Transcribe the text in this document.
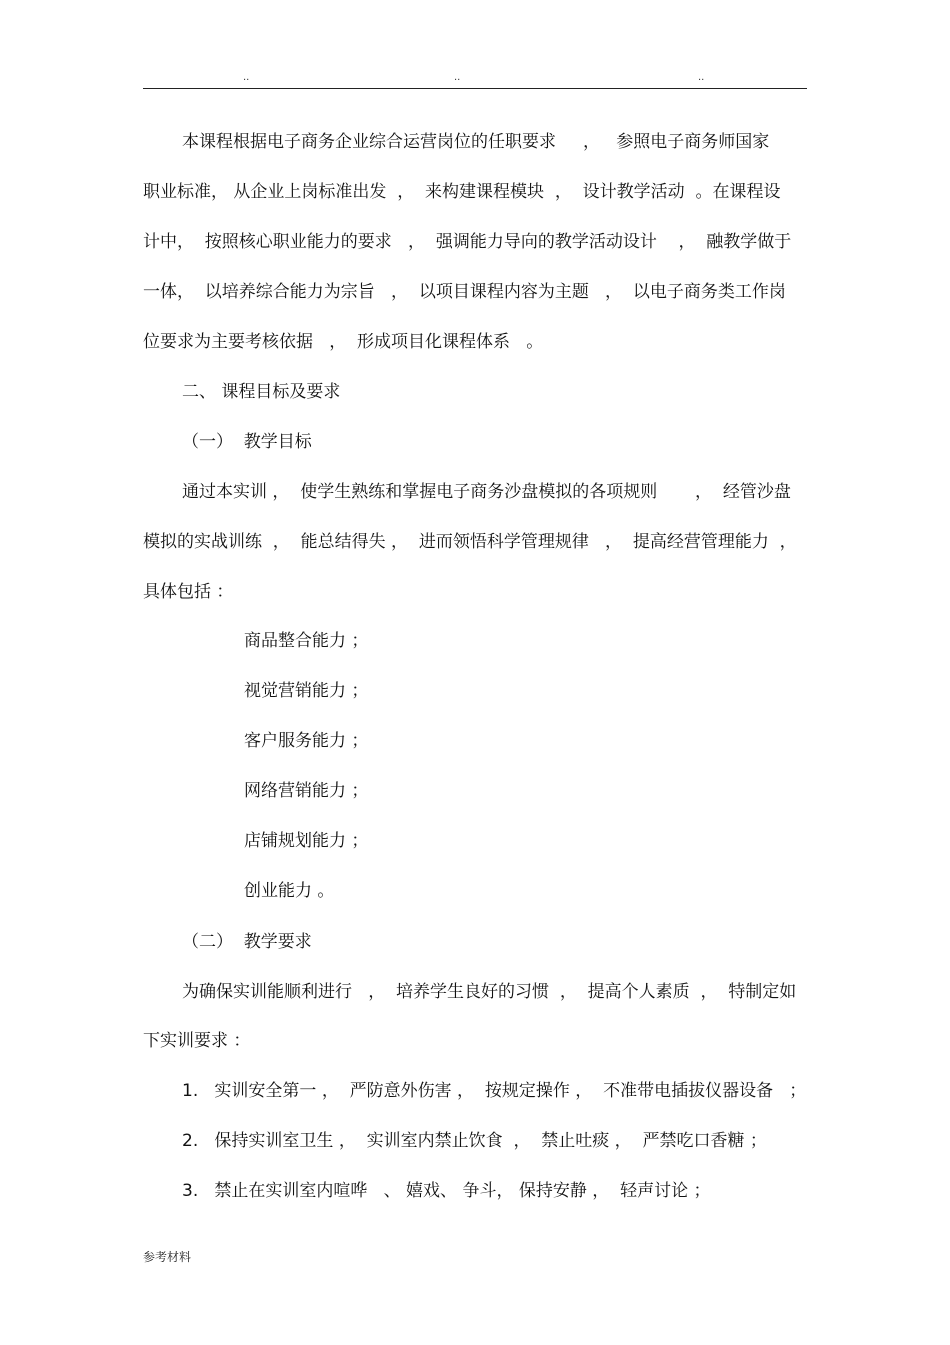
..	..	..
本课程根据电子商务企业综合运营岗位的任职要求     ，   参照电子商务师国家
职业标准， 从企业上岗标准出发  ，  来构建课程模块  ，  设计教学活动  。在课程设
计中，  按照核心职业能力的要求   ，  强调能力导向的教学活动设计    ，  融教学做于
一体，  以培养综合能力为宗旨   ，  以项目课程内容为主题   ，  以电子商务类工作岗
位要求为主要考核依据   ，  形成项目化课程体系   。
二、 课程目标及要求
（一）  教学目标
通过本实训 ，  使学生熟练和掌握电子商务沙盘模拟的各项规则       ，  经管沙盘
模拟的实战训练  ，  能总结得失 ，  进而领悟科学管理规律   ，  提高经营管理能力  ，
具体包括 ：
商品整合能力 ；
视觉营销能力 ；
客户服务能力 ；
网络营销能力 ；
店铺规划能力 ；
创业能力 。
（二）  教学要求
为确保实训能顺利进行   ，  培养学生良好的习惯  ，  提高个人素质  ，  特制定如
下实训要求 ：
1.   实训安全第一 ，  严防意外伤害 ，  按规定操作 ，  不准带电插拔仪器设备   ；
2.   保持实训室卫生 ，  实训室内禁止饮食  ，  禁止吐痰 ，  严禁吃口香糖 ；
3.   禁止在实训室内喧哗   、 嬉戏、 争斗， 保持安静 ，  轻声讨论 ；
参考材料
